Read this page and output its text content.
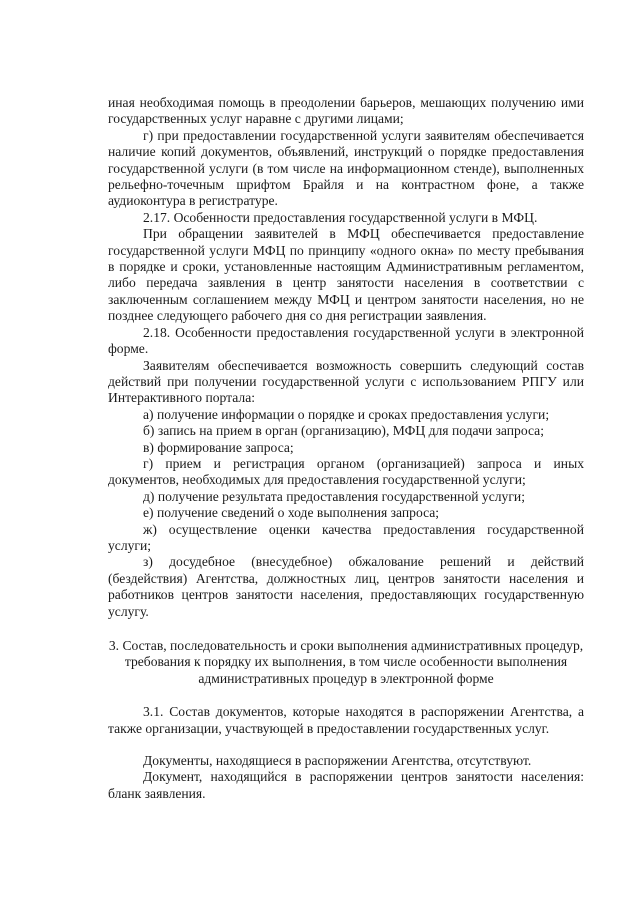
иная необходимая помощь в преодолении барьеров, мешающих получению ими государственных услуг наравне с другими лицами;

г) при предоставлении государственной услуги заявителям обеспечивается наличие копий документов, объявлений, инструкций о порядке предоставления государственной услуги (в том числе на информационном стенде), выполненных рельефно-точечным шрифтом Брайля и на контрастном фоне, а также аудиоконтура в регистратуре.

2.17. Особенности предоставления государственной услуги в МФЦ.

При обращении заявителей в МФЦ обеспечивается предоставление государственной услуги МФЦ по принципу «одного окна» по месту пребывания в порядке и сроки, установленные настоящим Административным регламентом, либо передача заявления в центр занятости населения в соответствии с заключенным соглашением между МФЦ и центром занятости населения, но не позднее следующего рабочего дня со дня регистрации заявления.

2.18. Особенности предоставления государственной услуги в электронной форме.

Заявителям обеспечивается возможность совершить следующий состав действий при получении государственной услуги с использованием РПГУ или Интерактивного портала:

а) получение информации о порядке и сроках предоставления услуги;

б) запись на прием в орган (организацию), МФЦ для подачи запроса;

в) формирование запроса;

г) прием и регистрация органом (организацией) запроса и иных документов, необходимых для предоставления государственной услуги;

д) получение результата предоставления государственной услуги;

е) получение сведений о ходе выполнения запроса;

ж) осуществление оценки качества предоставления государственной услуги;

з) досудебное (внесудебное) обжалование решений и действий (бездействия) Агентства, должностных лиц, центров занятости населения и работников центров занятости населения, предоставляющих государственную услугу.

3. Состав, последовательность и сроки выполнения административных процедур, требования к порядку их выполнения, в том числе особенности выполнения административных процедур в электронной форме

3.1. Состав документов, которые находятся в распоряжении Агентства, а также организации, участвующей в предоставлении государственных услуг.

Документы, находящиеся в распоряжении Агентства, отсутствуют.

Документ, находящийся в распоряжении центров занятости населения: бланк заявления.
